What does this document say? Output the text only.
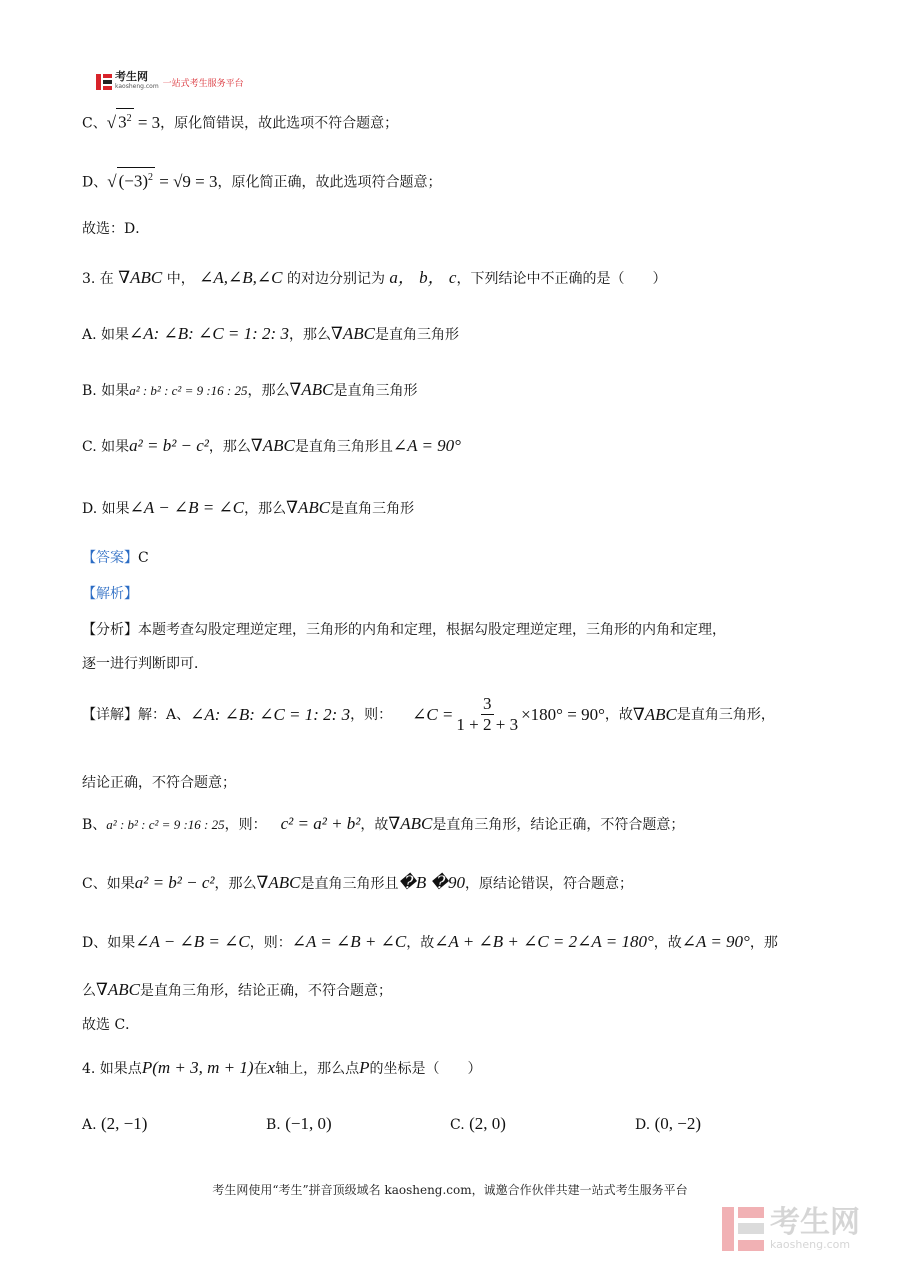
考生网
kaosheng.com 一站式考生服务平台
C、√ $3^2 = 3$，原化简错误，故此选项不符合题意；
D、√ $(-3)^2 = √9 = 3$，原化简正确，故此选项符合题意；
故选：D．
3. 在 ∇ABC 中， ∠A,∠B,∠C 的对边分别记为 a， b， c，下列结论中不正确的是（　　）
A. 如果∠A: ∠B: ∠C = 1: 2: 3，那么∇ABC是直角三角形
B. 如果a² : b² : c² = 9 :16 : 25，那么∇ABC是直角三角形
C. 如果a² = b² − c²，那么∇ABC是直角三角形且∠A = 90°
D. 如果∠A − ∠B = ∠C，那么∇ABC是直角三角形
【答案】C
【解析】
【分析】本题考查勾股定理逆定理，三角形的内角和定理，根据勾股定理逆定理，三角形的内角和定理，
逐一进行判断即可．
【详解】 解：A、 ∠A: ∠B: ∠C = 1: 2: 3 ，则： ∠C = $\frac{3}{1 + 2 + 3} \times 180^\circ = 90^\circ$ ，故 ∇ABC 是直角三角形，
结论正确，不符合题意；
B、a² : b² : c² = 9 :16 : 25，则： c² = a² + b²，故∇ABC是直角三角形，结论正确，不符合题意；
C、如果a² = b² − c²，那么∇ABC是直角三角形且�B �90，原结论错误，符合题意；
D、如果∠A − ∠B = ∠C，则：∠A = ∠B + ∠C，故∠A + ∠B + ∠C = 2∠A = 180°，故∠A = 90°，那
么∇ABC是直角三角形，结论正确，不符合题意；
故选 C．
4. 如果点P(m + 3, m + 1)在x轴上，那么点P的坐标是（　　）
A. (2, −1)	B. (−1, 0)	C. (2, 0)	D. (0, −2)
考生网使用“考生”拼音顶级域名 kaosheng.com，诚邀合作伙伴共建一站式考生服务平台
考生网
kaosheng.com
